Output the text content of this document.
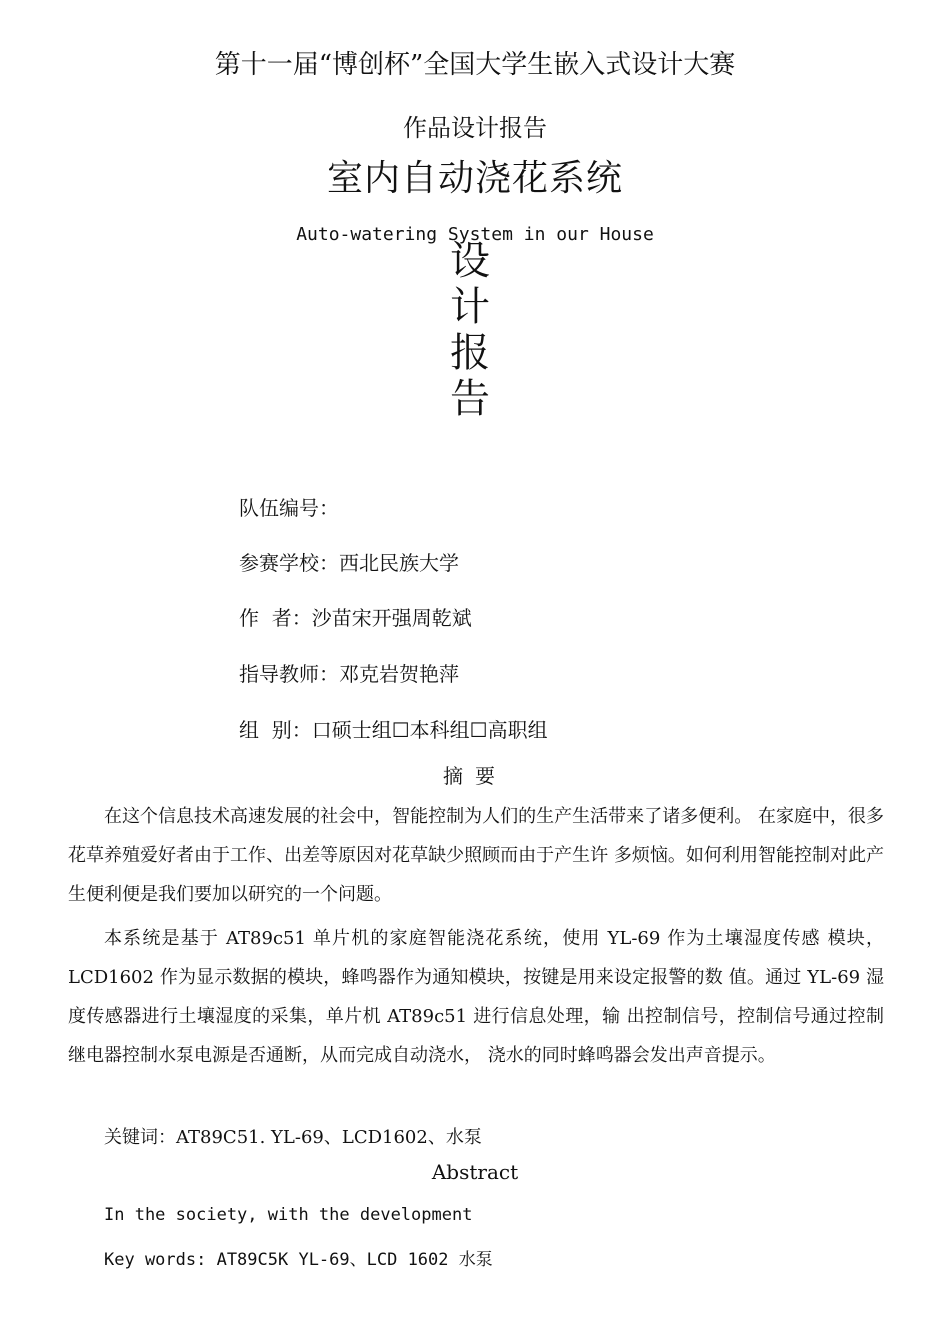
第十一届“博创杯”全国大学生嵌入式设计大赛
作品设计报告
室内自动浇花系统
Auto-watering System in our House
设
计
报
告
队伍编号：
参赛学校：西北民族大学
作  者：沙苗宋开强周乾斌
指导教师：邓克岩贺艳萍
组  别：口硕士组☐本科组☐高职组
摘要
在这个信息技术高速发展的社会中，智能控制为人们的生产生活带来了诸多便利。 在家庭中，很多花草养殖爱好者由于工作、出差等原因对花草缺少照顾而由于产生许 多烦恼。如何利用智能控制对此产生便利便是我们要加以研究的一个问题。
本系统是基于 AT89c51 单片机的家庭智能浇花系统，使用 YL-69 作为土壤湿度传感 模块，LCD1602 作为显示数据的模块，蜂鸣器作为通知模块，按键是用来设定报警的数 值。通过 YL-69 湿度传感器进行土壤湿度的采集，单片机 AT89c51 进行信息处理，输 出控制信号，控制信号通过控制继电器控制水泵电源是否通断，从而完成自动浇水， 浇水的同时蜂鸣器会发出声音提示。
关键词：AT89C51. YL-69、LCD1602、水泵
Abstract
In the society, with the development
Key words: AT89C5K YL-69、LCD 1602 水泵
